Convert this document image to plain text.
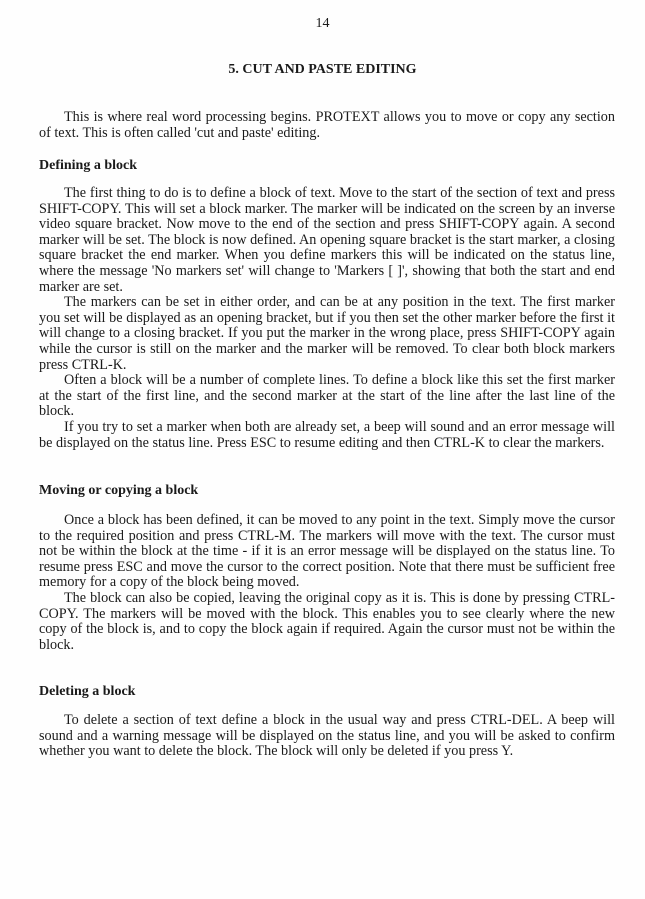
14
5. CUT AND PASTE EDITING

This is where real word processing begins. PROTEXT allows you to move or copy any section of text. This is often called 'cut and paste' editing.

Defining a block

The first thing to do is to define a block of text. Move to the start of the section of text and press SHIFT-COPY. This will set a block marker. The marker will be indicated on the screen by an inverse video square bracket. Now move to the end of the section and press SHIFT-COPY again. A second marker will be set. The block is now defined. An opening square bracket is the start marker, a closing square bracket the end marker. When you define markers this will be indicated on the status line, where the message 'No markers set' will change to 'Markers [ ]', showing that both the start and end marker are set.

The markers can be set in either order, and can be at any position in the text. The first marker you set will be displayed as an opening bracket, but if you then set the other marker before the first it will change to a closing bracket. If you put the marker in the wrong place, press SHIFT-COPY again while the cursor is still on the marker and the marker will be removed. To clear both block markers press CTRL-K.

Often a block will be a number of complete lines. To define a block like this set the first marker at the start of the first line, and the second marker at the start of the line after the last line of the block.

If you try to set a marker when both are already set, a beep will sound and an error message will be displayed on the status line. Press ESC to resume editing and then CTRL-K to clear the markers.

Moving or copying a block

Once a block has been defined, it can be moved to any point in the text. Simply move the cursor to the required position and press CTRL-M. The markers will move with the text. The cursor must not be within the block at the time - if it is an error message will be displayed on the status line. To resume press ESC and move the cursor to the correct position. Note that there must be sufficient free memory for a copy of the block being moved.

The block can also be copied, leaving the original copy as it is. This is done by pressing CTRL-COPY. The markers will be moved with the block. This enables you to see clearly where the new copy of the block is, and to copy the block again if required. Again the cursor must not be within the block.

Deleting a block

To delete a section of text define a block in the usual way and press CTRL-DEL. A beep will sound and a warning message will be displayed on the status line, and you will be asked to confirm whether you want to delete the block. The block will only be deleted if you press Y.
